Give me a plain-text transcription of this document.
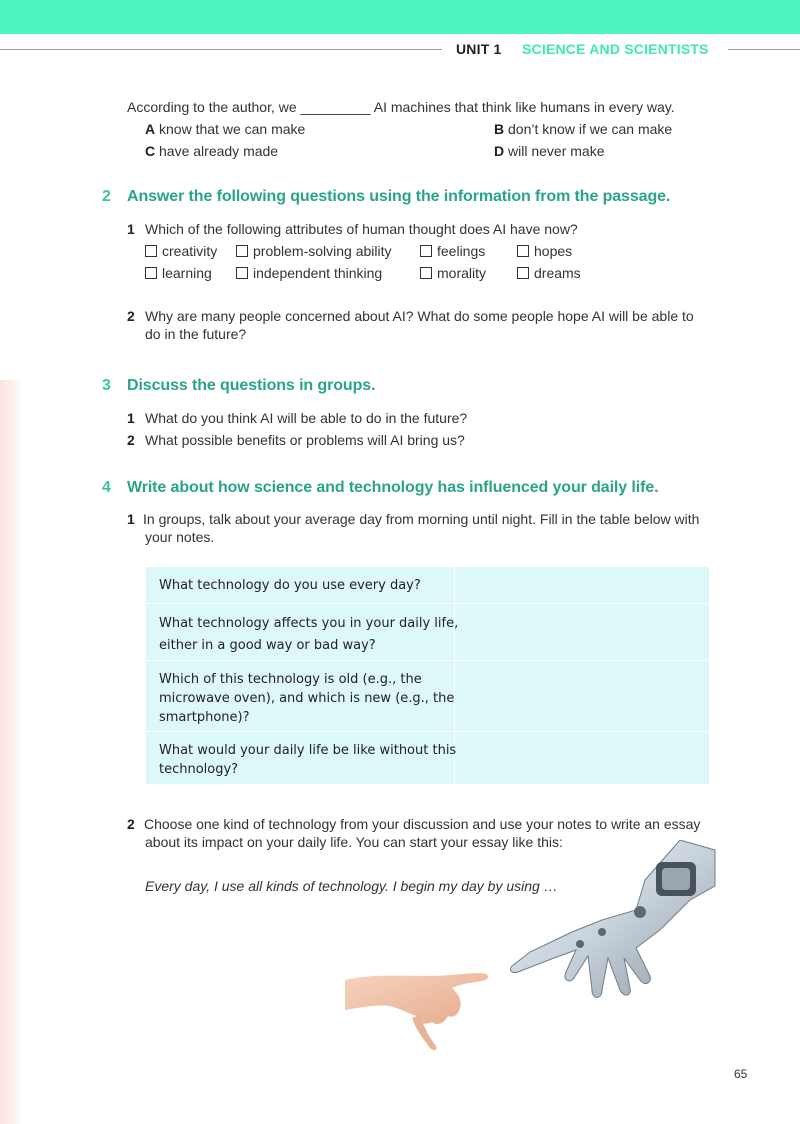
UNIT 1 SCIENCE AND SCIENTISTS
According to the author, we _________ AI machines that think like humans in every way.
A know that we can make	B don’t know if we can make
C have already made	D will never make
2 Answer the following questions using the information from the passage.
1 Which of the following attributes of human thought does AI have now?
creativity	problem-solving ability	feelings	hopes
learning	independent thinking	morality	dreams
2 Why are many people concerned about AI? What do some people hope AI will be able to
do in the future?
3 Discuss the questions in groups.
1 What do you think AI will be able to do in the future?
2 What possible benefits or problems will AI bring us?
4 Write about how science and technology has influenced your daily life.
1 In groups, talk about your average day from morning until night. Fill in the table below with
your notes.
What technology do you use every day?
What technology affects you in your daily life, either in a good way or bad way?
Which of this technology is old (e.g., the microwave oven), and which is new (e.g., the smartphone)?
What would your daily life be like without this technology?
2 Choose one kind of technology from your discussion and use your notes to write an essay
about its impact on your daily life. You can start your essay like this:
Every day, I use all kinds of technology. I begin my day by using …
65
